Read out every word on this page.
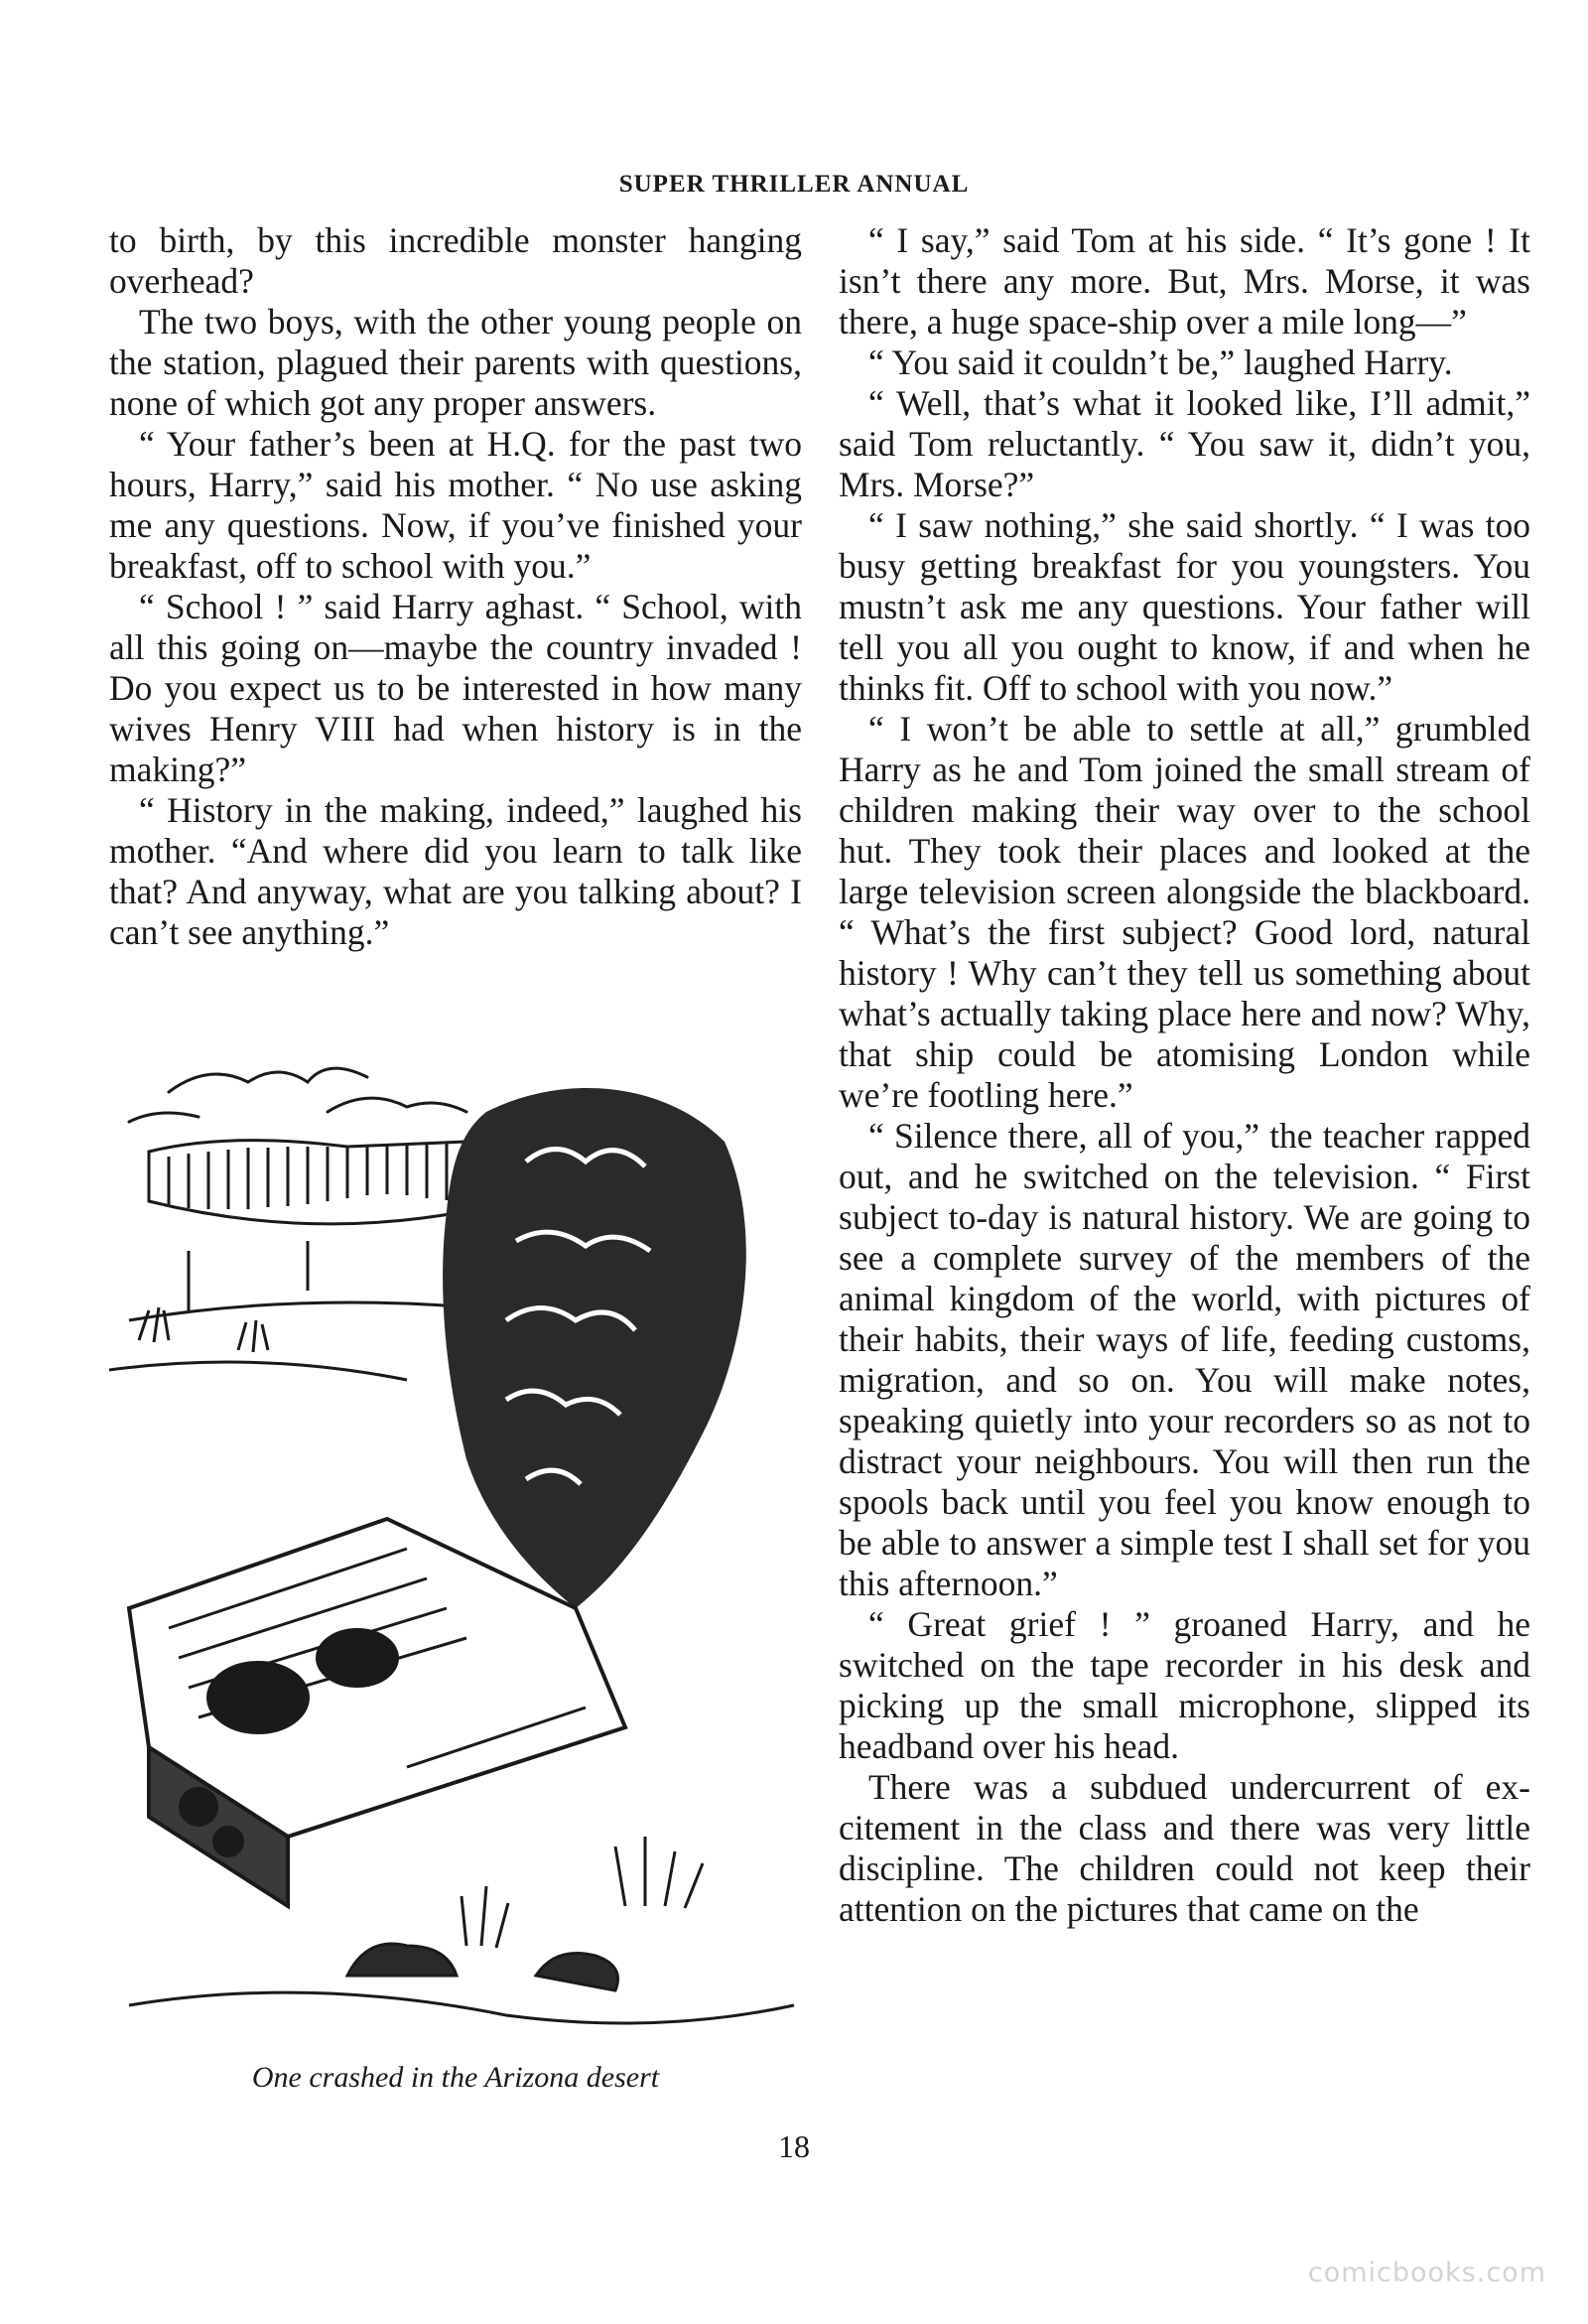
SUPER THRILLER ANNUAL

to birth, by this incredible monster hanging overhead?

The two boys, with the other young people on the station, plagued their parents with questions, none of which got any proper answers.

“ Your father’s been at H.Q. for the past two hours, Harry,” said his mother. “ No use asking me any questions. Now, if you’ve finished your breakfast, off to school with you.”

“ School ! ” said Harry aghast. “ School, with all this going on—maybe the country invaded ! Do you expect us to be interested in how many wives Henry VIII had when history is in the making?”

“ History in the making, indeed,” laughed his mother. “And where did you learn to talk like that? And anyway, what are you talking about? I can’t see anything.”

One crashed in the Arizona desert

“ I say,” said Tom at his side. “ It’s gone ! It isn’t there any more. But, Mrs. Morse, it was there, a huge space-ship over a mile long—”

“ You said it couldn’t be,” laughed Harry.

“ Well, that’s what it looked like, I’ll admit,” said Tom reluctantly. “ You saw it, didn’t you, Mrs. Morse?”

“ I saw nothing,” she said shortly. “ I was too busy getting breakfast for you youngsters. You mustn’t ask me any questions. Your father will tell you all you ought to know, if and when he thinks fit. Off to school with you now.”

“ I won’t be able to settle at all,” grumbled Harry as he and Tom joined the small stream of children making their way over to the school hut. They took their places and looked at the large television screen alongside the blackboard. “ What’s the first subject? Good lord, natural history ! Why can’t they tell us something about what’s actually taking place here and now? Why, that ship could be atomising London while we’re footling here.”

“ Silence there, all of you,” the teacher rapped out, and he switched on the television. “ First subject to-day is natural history. We are going to see a complete survey of the members of the animal kingdom of the world, with pictures of their habits, their ways of life, feeding customs, migration, and so on. You will make notes, speaking quietly into your recorders so as not to distract your neighbours. You will then run the spools back until you feel you know enough to be able to answer a simple test I shall set for you this afternoon.”

“ Great grief ! ” groaned Harry, and he switched on the tape recorder in his desk and picking up the small microphone, slipped its headband over his head.

There was a subdued undercurrent of excitement in the class and there was very little discipline. The children could not keep their attention on the pictures that came on the

18
comicbooks.com
